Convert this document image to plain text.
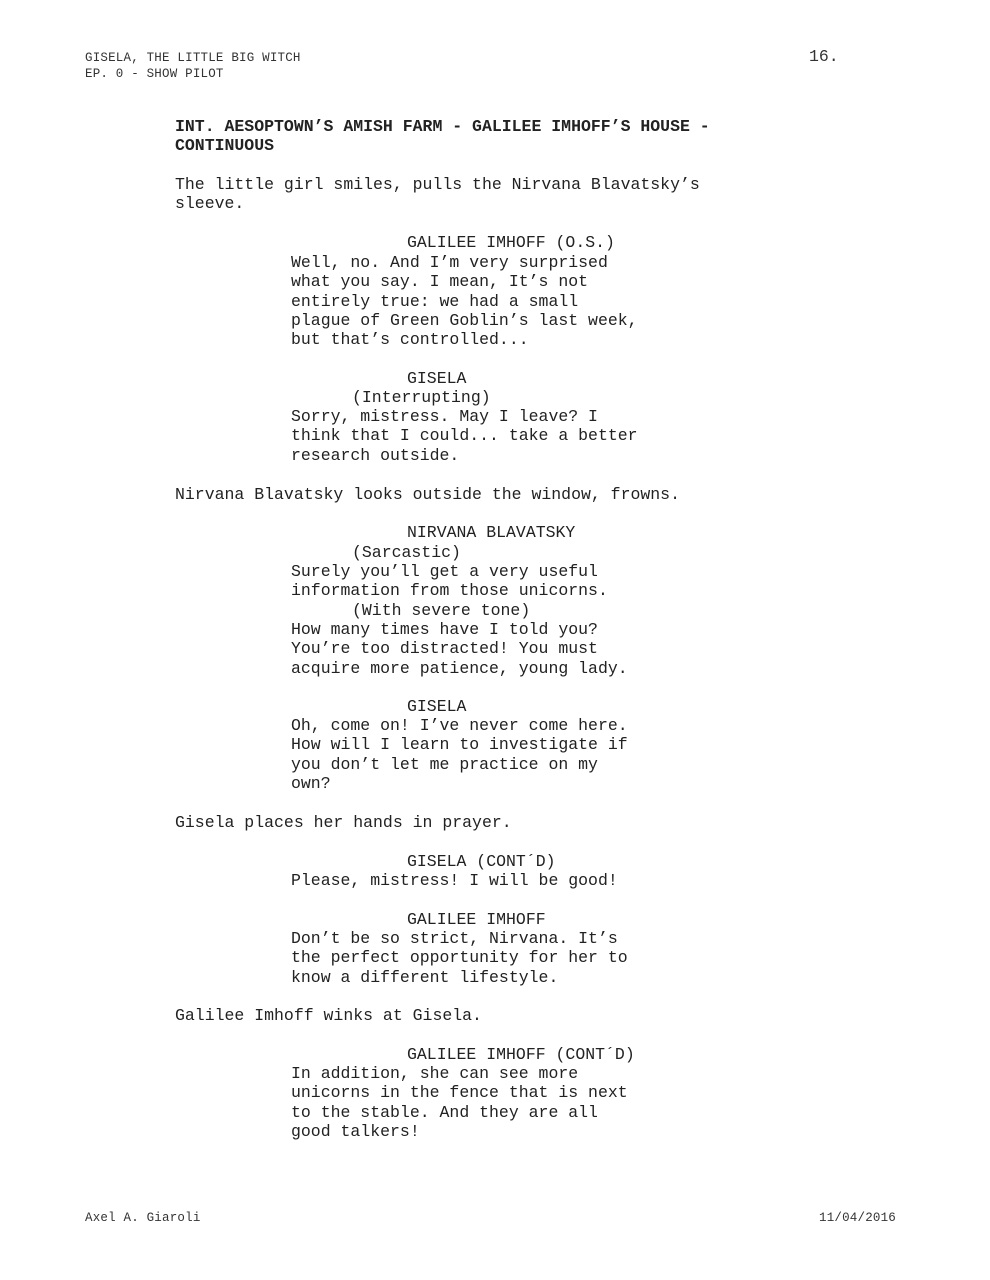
GISELA, THE LITTLE BIG WITCH
EP. 0 - SHOW PILOT
16.

INT. AESOPTOWN’S AMISH FARM - GALILEE IMHOFF’S HOUSE -
CONTINUOUS

The little girl smiles, pulls the Nirvana Blavatsky’s
sleeve.

GALILEE IMHOFF (O.S.)

Well, no. And I’m very surprised
what you say. I mean, It’s not
entirely true: we had a small
plague of Green Goblin’s last week,
but that’s controlled...

GISELA

(Interrupting)

Sorry, mistress. May I leave? I
think that I could... take a better
research outside.

Nirvana Blavatsky looks outside the window, frowns.

NIRVANA BLAVATSKY

(Sarcastic)

Surely you’ll get a very useful
information from those unicorns.

(With severe tone)

How many times have I told you?
You’re too distracted! You must
acquire more patience, young lady.

GISELA

Oh, come on! I’ve never come here.
How will I learn to investigate if
you don’t let me practice on my
own?

Gisela places her hands in prayer.

GISELA (CONT´D)

Please, mistress! I will be good!

GALILEE IMHOFF

Don’t be so strict, Nirvana. It’s
the perfect opportunity for her to
know a different lifestyle.

Galilee Imhoff winks at Gisela.

GALILEE IMHOFF (CONT´D)

In addition, she can see more
unicorns in the fence that is next
to the stable. And they are all
good talkers!

Axel A. Giaroli	11/04/2016
